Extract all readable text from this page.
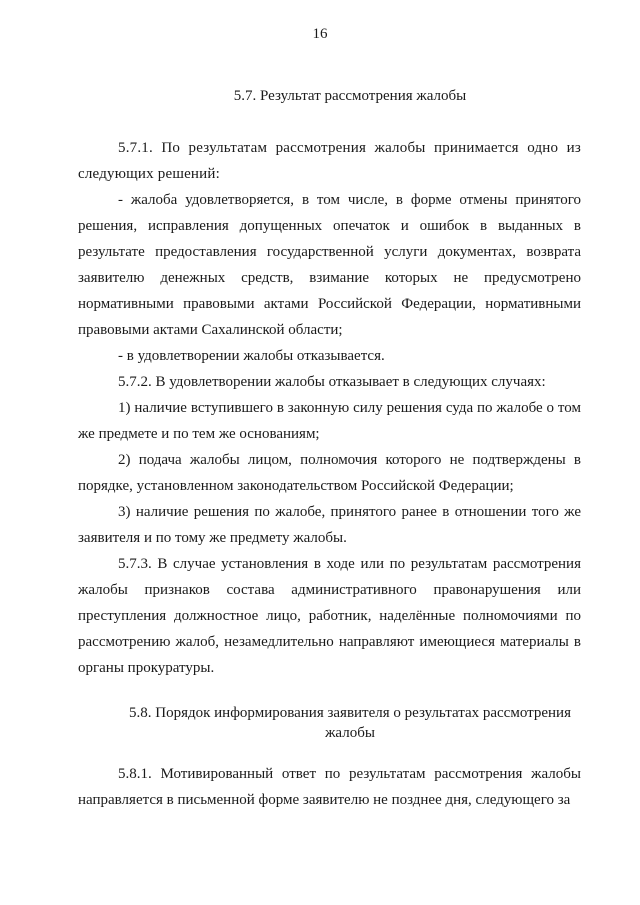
16
5.7. Результат рассмотрения жалобы
5.7.1. По результатам рассмотрения жалобы принимается одно из следующих решений:
- жалоба удовлетворяется, в том числе, в форме отмены принятого решения, исправления допущенных опечаток и ошибок в выданных в результате предоставления государственной услуги документах, возврата заявителю денежных средств, взимание которых не предусмотрено нормативными правовыми актами Российской Федерации, нормативными правовыми актами Сахалинской области;
- в удовлетворении жалобы отказывается.
5.7.2. В удовлетворении жалобы отказывает в следующих случаях:
1) наличие вступившего в законную силу решения суда по жалобе о том же предмете и по тем же основаниям;
2) подача жалобы лицом, полномочия которого не подтверждены в порядке, установленном законодательством Российской Федерации;
3) наличие решения по жалобе, принятого ранее в отношении того же заявителя и по тому же предмету жалобы.
5.7.3. В случае установления в ходе или по результатам рассмотрения жалобы признаков состава административного правонарушения или преступления должностное лицо, работник, наделённые полномочиями по рассмотрению жалоб, незамедлительно направляют имеющиеся материалы в органы прокуратуры.
5.8. Порядок информирования заявителя о результатах рассмотрения
жалобы
5.8.1. Мотивированный ответ по результатам рассмотрения жалобы направляется в письменной форме заявителю не позднее дня, следующего за
